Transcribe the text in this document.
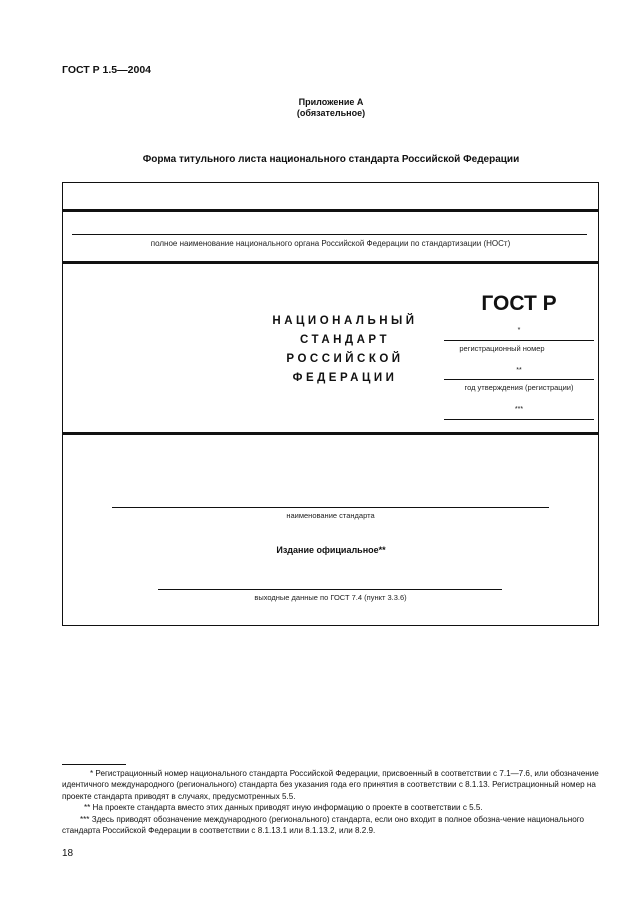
ГОСТ Р 1.5—2004
Приложение А
(обязательное)
Форма титульного листа национального стандарта Российской Федерации
полное наименование национального органа Российской Федерации по стандартизации (НОСт)
НАЦИОНАЛЬНЫЙ
СТАНДАРТ
РОССИЙСКОЙ
ФЕДЕРАЦИИ
ГОСТ Р
*
регистрационный номер
**
год утверждения (регистрации)
***
наименование стандарта
Издание официальное**
выходные данные по ГОСТ 7.4 (пункт 3.3.6)

* Регистрационный номер национального стандарта Российской Федерации, присвоенный в соответствии с 7.1—7.6, или обозначение идентичного международного (регионального) стандарта без указания года его принятия в соответствии с 8.1.13. Регистрационный номер на проекте стандарта приводят в случаях, предусмотренных 5.5.

** На проекте стандарта вместо этих данных приводят иную информацию о проекте в соответствии с 5.5.

*** Здесь приводят обозначение международного (регионального) стандарта, если оно входит в полное обозна-чение национального стандарта Российской Федерации в соответствии с 8.1.13.1 или 8.1.13.2, или 8.2.9.

18
